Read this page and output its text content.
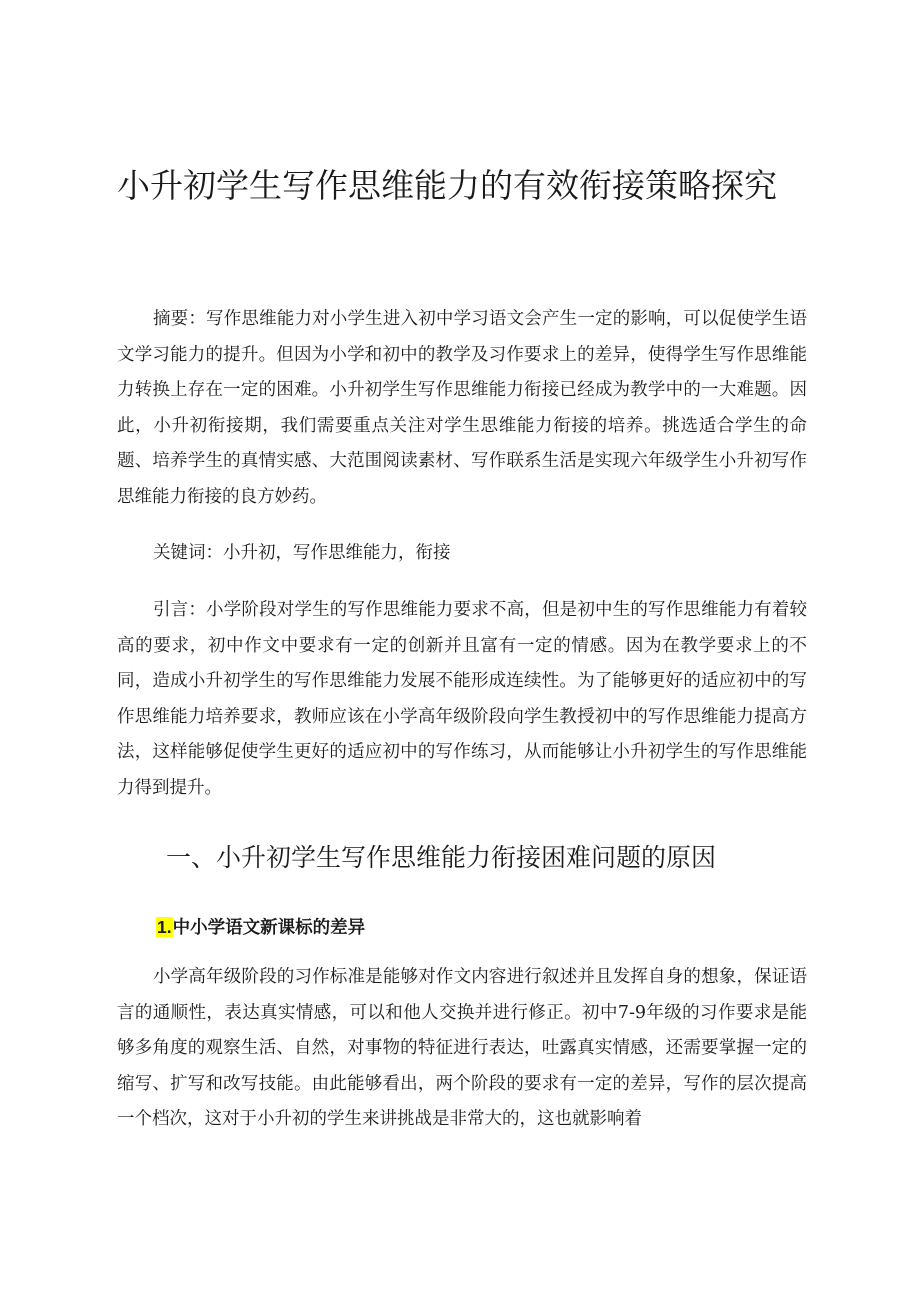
小升初学生写作思维能力的有效衔接策略探究

摘要：写作思维能力对小学生进入初中学习语文会产生一定的影响，可以促使学生语文学习能力的提升。但因为小学和初中的教学及习作要求上的差异，使得学生写作思维能力转换上存在一定的困难。小升初学生写作思维能力衔接已经成为教学中的一大难题。因此，小升初衔接期，我们需要重点关注对学生思维能力衔接的培养。挑选适合学生的命题、培养学生的真情实感、大范围阅读素材、写作联系生活是实现六年级学生小升初写作思维能力衔接的良方妙药。

关键词：小升初，写作思维能力，衔接

引言：小学阶段对学生的写作思维能力要求不高，但是初中生的写作思维能力有着较高的要求，初中作文中要求有一定的创新并且富有一定的情感。因为在教学要求上的不同，造成小升初学生的写作思维能力发展不能形成连续性。为了能够更好的适应初中的写作思维能力培养要求，教师应该在小学高年级阶段向学生教授初中的写作思维能力提高方法，这样能够促使学生更好的适应初中的写作练习，从而能够让小升初学生的写作思维能力得到提升。

一、小升初学生写作思维能力衔接困难问题的原因
1.中小学语文新课标的差异

小学高年级阶段的习作标准是能够对作文内容进行叙述并且发挥自身的想象，保证语言的通顺性，表达真实情感，可以和他人交换并进行修正。初中7-9年级的习作要求是能够多角度的观察生活、自然，对事物的特征进行表达，吐露真实情感，还需要掌握一定的缩写、扩写和改写技能。由此能够看出，两个阶段的要求有一定的差异，写作的层次提高一个档次，这对于小升初的学生来讲挑战是非常大的，这也就影响着
